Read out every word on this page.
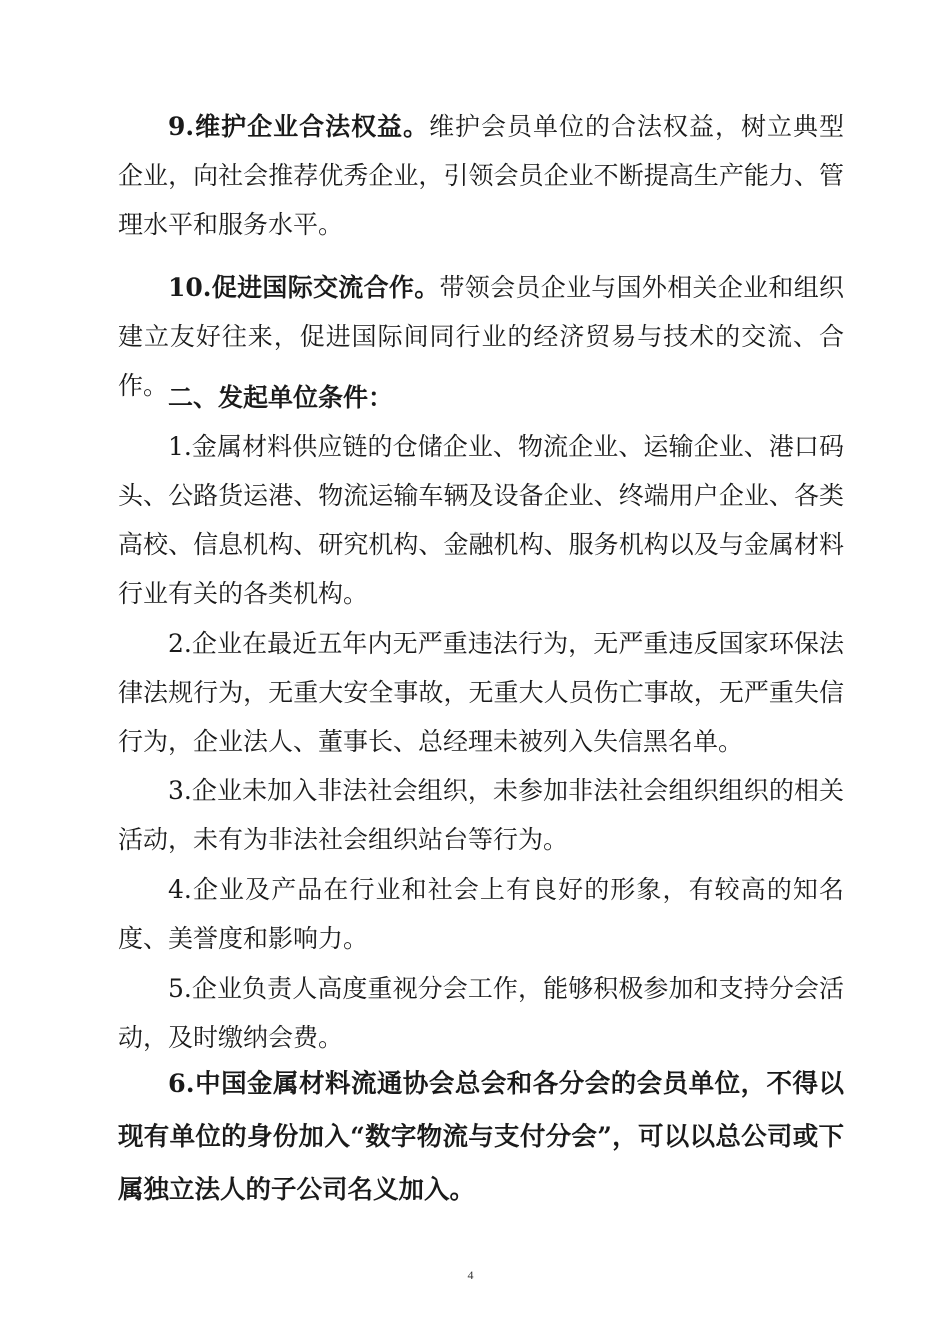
9.维护企业合法权益。维护会员单位的合法权益，树立典型企业，向社会推荐优秀企业，引领会员企业不断提高生产能力、管理水平和服务水平。

10.促进国际交流合作。带领会员企业与国外相关企业和组织建立友好往来，促进国际间同行业的经济贸易与技术的交流、合作。 二、发起单位条件：

1.金属材料供应链的仓储企业、物流企业、运输企业、港口码头、公路货运港、物流运输车辆及设备企业、终端用户企业、各类高校、信息机构、研究机构、金融机构、服务机构以及与金属材料行业有关的各类机构。

2.企业在最近五年内无严重违法行为，无严重违反国家环保法律法规行为，无重大安全事故，无重大人员伤亡事故，无严重失信行为，企业法人、董事长、总经理未被列入失信黑名单。

3.企业未加入非法社会组织，未参加非法社会组织组织的相关活动，未有为非法社会组织站台等行为。

4.企业及产品在行业和社会上有良好的形象，有较高的知名度、美誉度和影响力。

5.企业负责人高度重视分会工作，能够积极参加和支持分会活动，及时缴纳会费。

6.中国金属材料流通协会总会和各分会的会员单位，不得以现有单位的身份加入“数字物流与支付分会”，可以以总公司或下属独立法人的子公司名义加入。

4
